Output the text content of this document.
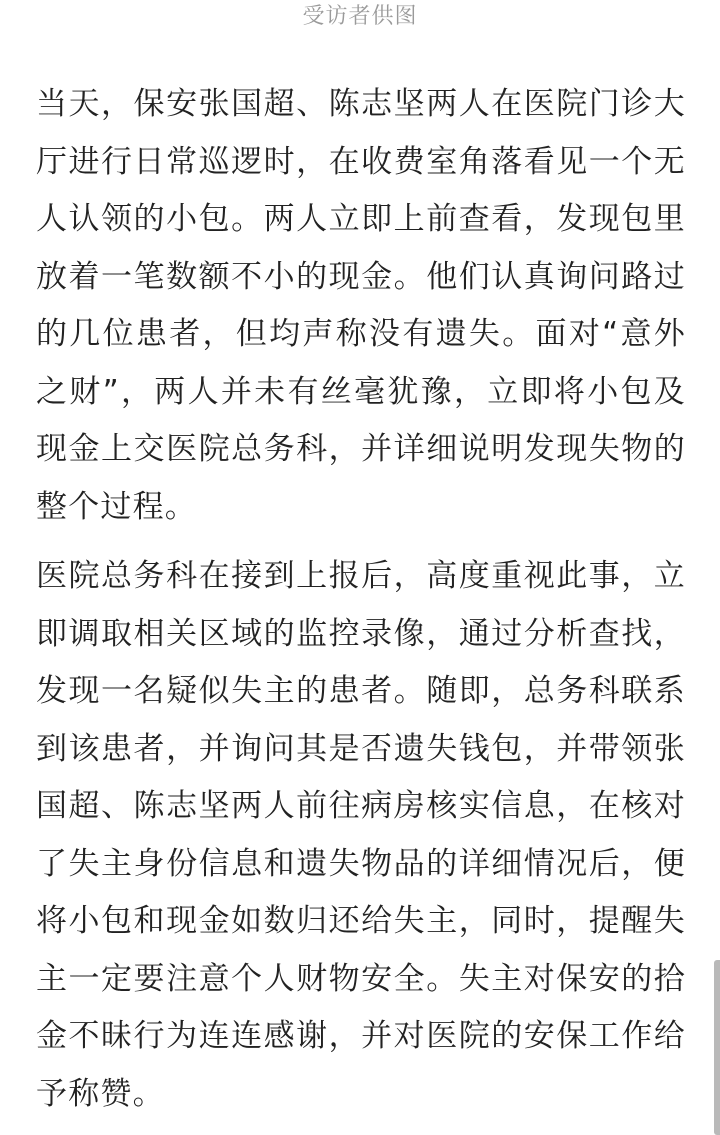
受访者供图

当天，保安张国超、陈志坚两人在医院门诊大厅进行日常巡逻时，在收费室角落看见一个无人认领的小包。两人立即上前查看，发现包里放着一笔数额不小的现金。他们认真询问路过的几位患者，但均声称没有遗失。面对“意外之财”，两人并未有丝毫犹豫，立即将小包及现金上交医院总务科，并详细说明发现失物的整个过程。

医院总务科在接到上报后，高度重视此事，立即调取相关区域的监控录像，通过分析查找，发现一名疑似失主的患者。随即，总务科联系到该患者，并询问其是否遗失钱包，并带领张国超、陈志坚两人前往病房核实信息，在核对了失主身份信息和遗失物品的详细情况后，便将小包和现金如数归还给失主，同时，提醒失主一定要注意个人财物安全。失主对保安的拾金不昧行为连连感谢，并对医院的安保工作给予称赞。
